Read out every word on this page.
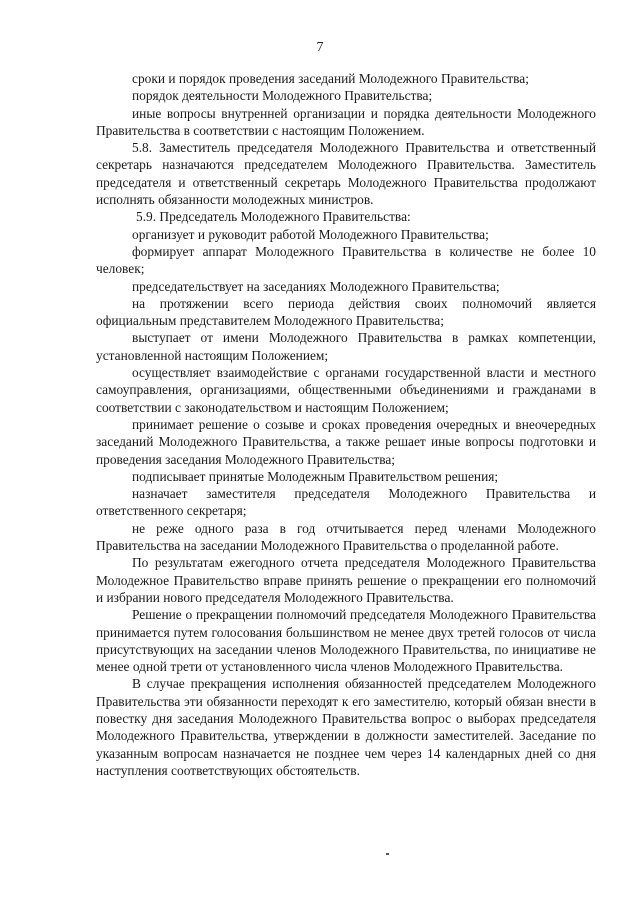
7

сроки и порядок проведения заседаний Молодежного Правительства;

порядок деятельности Молодежного Правительства;

иные вопросы внутренней организации и порядка деятельности Молодежного Правительства в соответствии с настоящим Положением.

5.8. Заместитель председателя Молодежного Правительства и ответственный секретарь назначаются председателем Молодежного Правительства. Заместитель председателя и ответственный секретарь Молодежного Правительства продолжают исполнять обязанности молодежных министров.

5.9. Председатель Молодежного Правительства:

организует и руководит работой Молодежного Правительства;

формирует аппарат Молодежного Правительства в количестве не более 10 человек;

председательствует на заседаниях Молодежного Правительства;

на протяжении всего периода действия своих полномочий является официальным представителем Молодежного Правительства;

выступает от имени Молодежного Правительства в рамках компетенции, установленной настоящим Положением;

осуществляет взаимодействие с органами государственной власти и местного самоуправления, организациями, общественными объединениями и гражданами в соответствии с законодательством и настоящим Положением;

принимает решение о созыве и сроках проведения очередных и внеочередных заседаний Молодежного Правительства, а также решает иные вопросы подготовки и проведения заседания Молодежного Правительства;

подписывает принятые Молодежным Правительством решения;

назначает заместителя председателя Молодежного Правительства и ответственного секретаря;

не реже одного раза в год отчитывается перед членами Молодежного Правительства на заседании Молодежного Правительства о проделанной работе.

По результатам ежегодного отчета председателя Молодежного Правительства Молодежное Правительство вправе принять решение о прекращении его полномочий и избрании нового председателя Молодежного Правительства.

Решение о прекращении полномочий председателя Молодежного Правительства принимается путем голосования большинством не менее двух третей голосов от числа присутствующих на заседании членов Молодежного Правительства, по инициативе не менее одной трети от установленного числа членов Молодежного Правительства.

В случае прекращения исполнения обязанностей председателем Молодежного Правительства эти обязанности переходят к его заместителю, который обязан внести в повестку дня заседания Молодежного Правительства вопрос о выборах председателя Молодежного Правительства, утверждении в должности заместителей. Заседание по указанным вопросам назначается не позднее чем через 14 календарных дней со дня наступления соответствующих обстоятельств.
